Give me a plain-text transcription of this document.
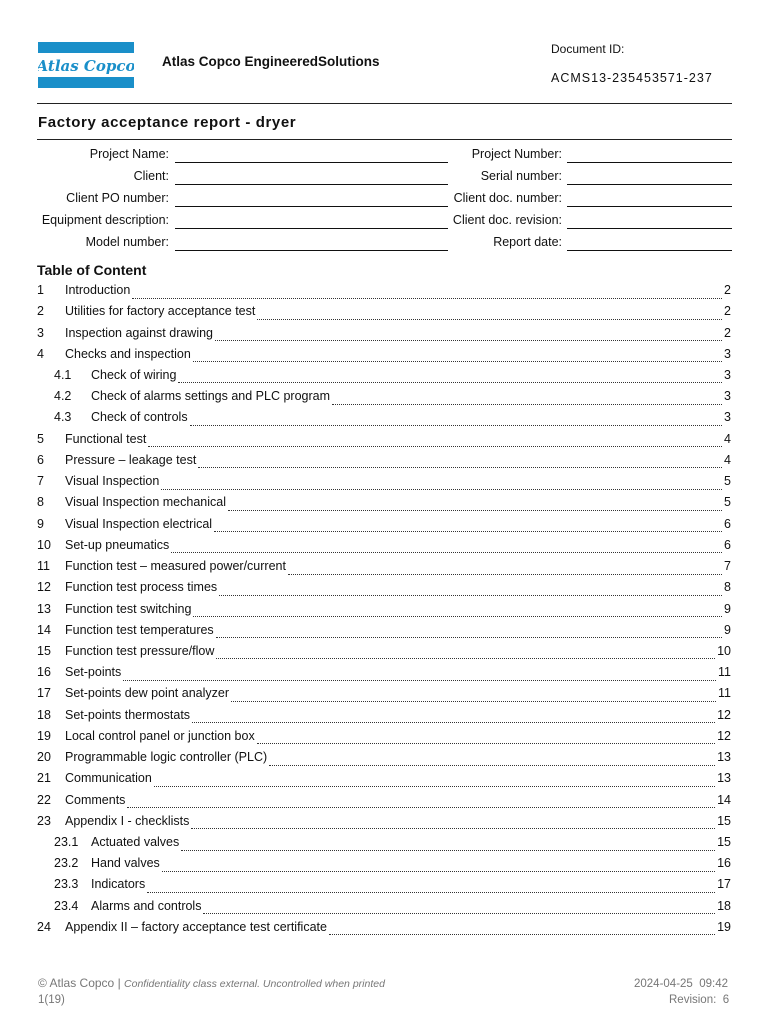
Atlas Copco Atlas Copco EngineeredSolutions
Document ID:
ACMS13-235453571-237
Factory acceptance report - dryer
Project Name:
Client:
Client PO number:
Equipment description:
Model number:
Project Number:
Serial number:
Client doc. number:
Client doc. revision:
Report date:
Table of Content
1	Introduction	2
2	Utilities for factory acceptance test	2
3	Inspection against drawing	2
4	Checks and inspection	3
4.1	Check of wiring	3
4.2	Check of alarms settings and PLC program	3
4.3	Check of controls	3
5	Functional test	4
6	Pressure – leakage test	4
7	Visual Inspection	5
8	Visual Inspection mechanical	5
9	Visual Inspection electrical	6
10	Set-up pneumatics	6
11	Function test – measured power/current	7
12	Function test process times	8
13	Function test switching	9
14	Function test temperatures	9
15	Function test pressure/flow	10
16	Set-points	11
17	Set-points dew point analyzer	11
18	Set-points thermostats	12
19	Local control panel or junction box	12
20	Programmable logic controller (PLC)	13
21	Communication	13
22	Comments	14
23	Appendix I - checklists	15
23.1	Actuated valves	15
23.2	Hand valves	16
23.3	Indicators	17
23.4	Alarms and controls	18
24	Appendix II – factory acceptance test certificate	19
© Atlas Copco | Confidentiality class external. Uncontrolled when printed
1(19)
2024-04-25 09:42
Revision: 6
